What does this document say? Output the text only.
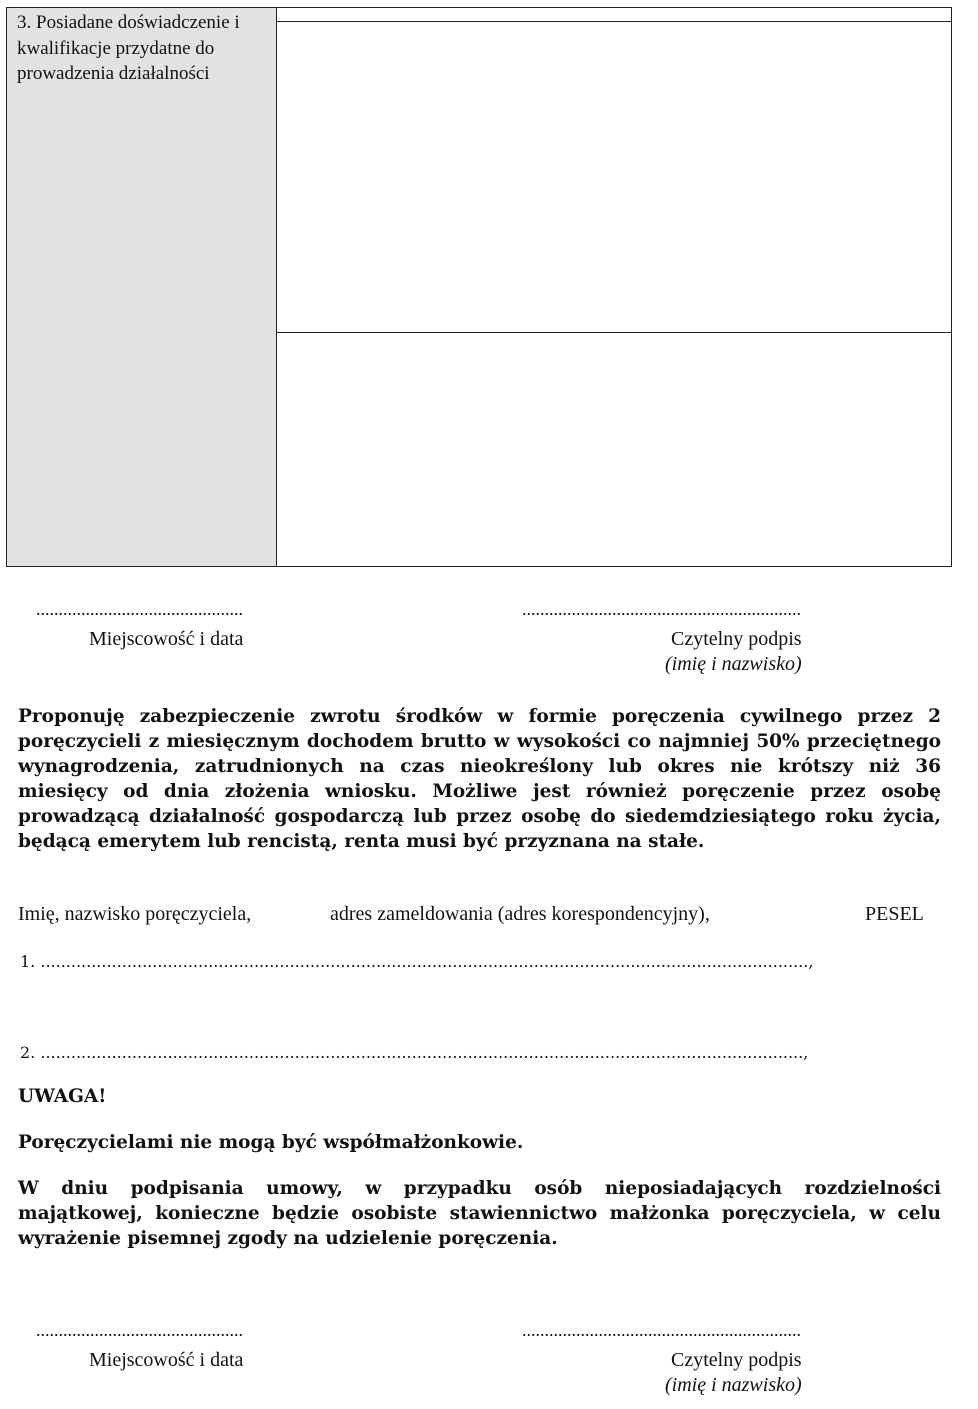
3. Posiadane doświadczenie i kwalifikacje przydatne do prowadzenia działalności
..............................................
Miejscowość i data
..............................................................
Czytelny podpis
(imię i nazwisko)
Proponuję zabezpieczenie zwrotu środków w formie poręczenia cywilnego przez 2 poręczycieli z miesięcznym dochodem brutto w wysokości co najmniej 50% przeciętnego wynagrodzenia, zatrudnionych na czas nieokreślony lub okres nie krótszy niż 36 miesięcy od dnia złożenia wniosku. Możliwe jest również poręczenie przez osobę prowadzącą działalność gospodarczą lub przez osobę do siedemdziesiątego roku życia, będącą emerytem lub rencistą, renta musi być przyznana na stałe.
Imię, nazwisko poręczyciela,	adres zameldowania (adres korespondencyjny),	PESEL
1. .......................................................................................................................................................,
2. ......................................................................................................................................................,
UWAGA!
Poręczycielami nie mogą być współmałżonkowie.
W dniu podpisania umowy, w przypadku osób nieposiadających rozdzielności majątkowej, konieczne będzie osobiste stawiennictwo małżonka poręczyciela, w celu wyrażenie pisemnej zgody na udzielenie poręczenia.
..............................................
Miejscowość i data
..............................................................
Czytelny podpis
(imię i nazwisko)
